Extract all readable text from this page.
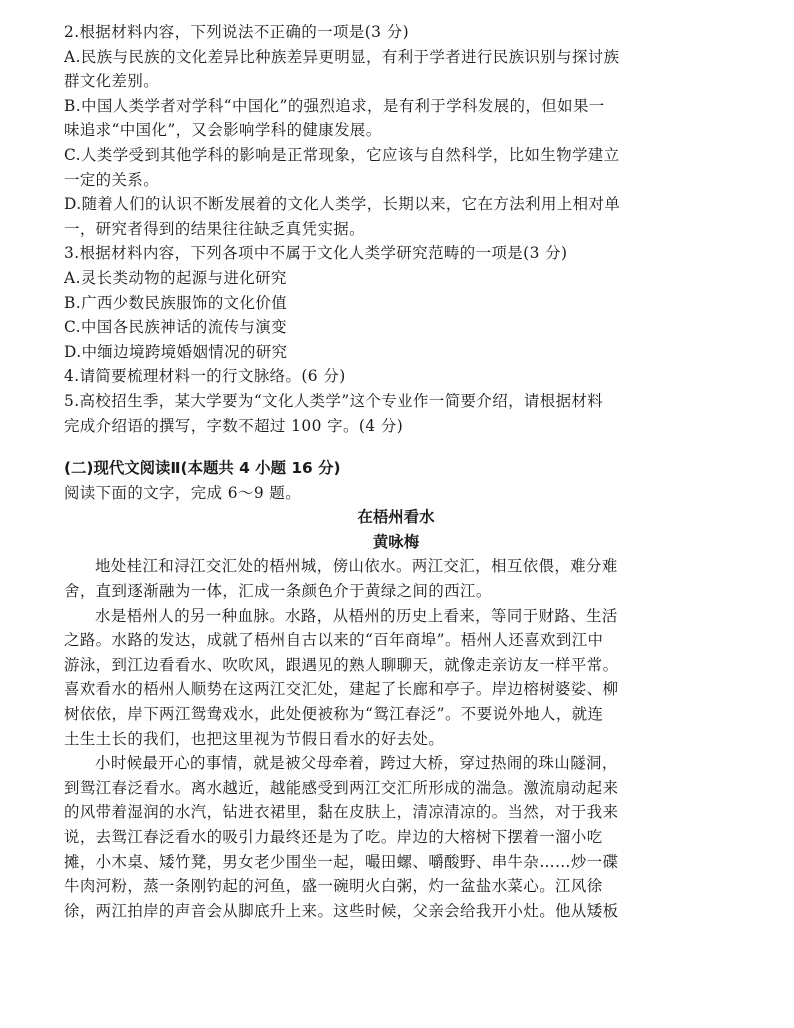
2.根据材料内容，下列说法不正确的一项是(3 分)
A.民族与民族的文化差异比种族差异更明显，有利于学者进行民族识别与探讨族
群文化差别。
B.中国人类学者对学科“中国化”的强烈追求，是有利于学科发展的，但如果一
味追求“中国化”，又会影响学科的健康发展。
C.人类学受到其他学科的影响是正常现象，它应该与自然科学，比如生物学建立
一定的关系。
D.随着人们的认识不断发展着的文化人类学，长期以来，它在方法利用上相对单
一，研究者得到的结果往往缺乏真凭实据。
3.根据材料内容，下列各项中不属于文化人类学研究范畴的一项是(3 分)
A.灵长类动物的起源与进化研究
B.广西少数民族服饰的文化价值
C.中国各民族神话的流传与演变
D.中缅边境跨境婚姻情况的研究
4.请简要梳理材料一的行文脉络。(6 分)
5.高校招生季，某大学要为“文化人类学”这个专业作一简要介绍，请根据材料
完成介绍语的撰写，字数不超过 100 字。(4 分)
(二)现代文阅读Ⅱ(本题共 4 小题 16 分)
阅读下面的文字，完成 6～9 题。
在梧州看水
黄咏梅
地处桂江和浔江交汇处的梧州城，傍山依水。两江交汇，相互依偎，难分难
舍，直到逐渐融为一体，汇成一条颜色介于黄绿之间的西江。
水是梧州人的另一种血脉。水路，从梧州的历史上看来，等同于财路、生活
之路。水路的发达，成就了梧州自古以来的“百年商埠”。梧州人还喜欢到江中
游泳，到江边看看水、吹吹风，跟遇见的熟人聊聊天，就像走亲访友一样平常。
喜欢看水的梧州人顺势在这两江交汇处，建起了长廊和亭子。岸边榕树婆娑、柳
树依依，岸下两江鸳鸯戏水，此处便被称为“鸳江春泛”。不要说外地人，就连
土生土长的我们，也把这里视为节假日看水的好去处。
小时候最开心的事情，就是被父母牵着，跨过大桥，穿过热闹的珠山隧洞，
到鸳江春泛看水。离水越近，越能感受到两江交汇所形成的湍急。激流扇动起来
的风带着湿润的水汽，钻进衣裙里，黏在皮肤上，清凉清凉的。当然，对于我来
说，去鸳江春泛看水的吸引力最终还是为了吃。岸边的大榕树下摆着一溜小吃
摊，小木桌、矮竹凳，男女老少围坐一起，嘬田螺、嚼酸野、串牛杂……炒一碟
牛肉河粉，蒸一条刚钓起的河鱼，盛一碗明火白粥，灼一盆盐水菜心。江风徐
徐，两江拍岸的声音会从脚底升上来。这些时候，父亲会给我开小灶。他从矮板
